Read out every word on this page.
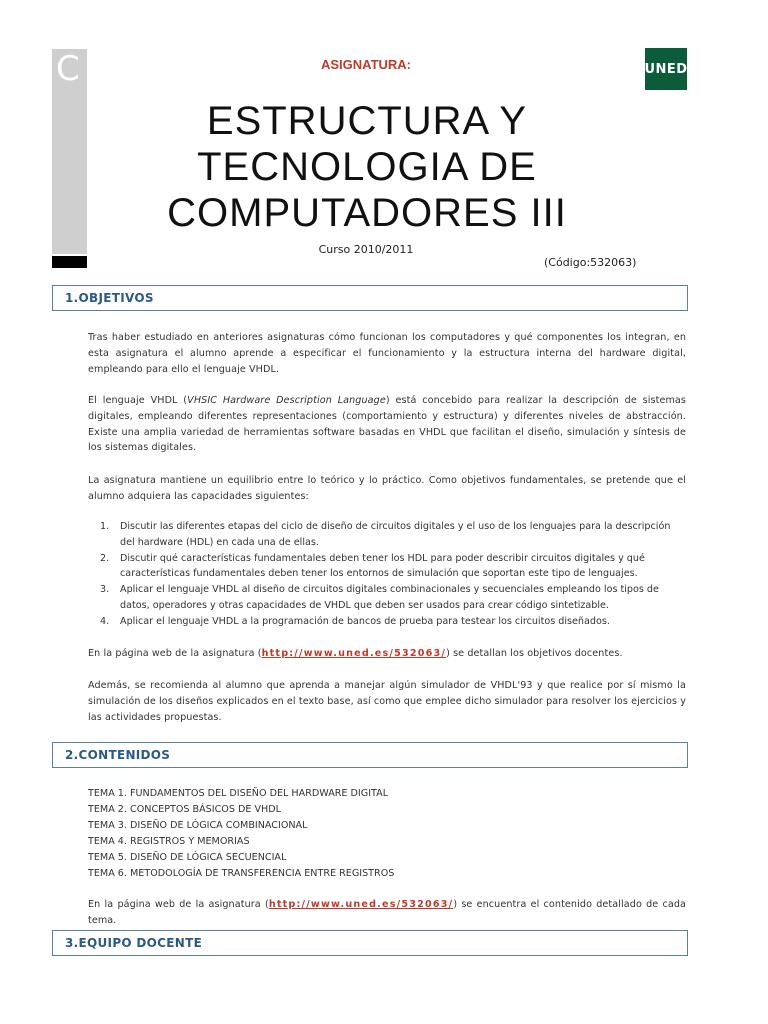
C	UNED
ASIGNATURA:
ESTRUCTURA Y
TECNOLOGIA DE
COMPUTADORES III
Curso 2010/2011
(Código:532063)
1.OBJETIVOS
Tras haber estudiado en anteriores asignaturas cómo funcionan los computadores y qué componentes los integran, en esta asignatura el alumno aprende a especificar el funcionamiento y la estructura interna del hardware digital, empleando para ello el lenguaje VHDL.
El lenguaje VHDL (VHSIC Hardware Description Language) está concebido para realizar la descripción de sistemas digitales, empleando diferentes representaciones (comportamiento y estructura) y diferentes niveles de abstracción. Existe una amplia variedad de herramientas software basadas en VHDL que facilitan el diseño, simulación y síntesis de los sistemas digitales.
La asignatura mantiene un equilibrio entre lo teórico y lo práctico. Como objetivos fundamentales, se pretende que el alumno adquiera las capacidades siguientes:
1. Discutir las diferentes etapas del ciclo de diseño de circuitos digitales y el uso de los lenguajes para la descripción del hardware (HDL) en cada una de ellas.
2. Discutir qué características fundamentales deben tener los HDL para poder describir circuitos digitales y qué características fundamentales deben tener los entornos de simulación que soportan este tipo de lenguajes.
3. Aplicar el lenguaje VHDL al diseño de circuitos digitales combinacionales y secuenciales empleando los tipos de datos, operadores y otras capacidades de VHDL que deben ser usados para crear código sintetizable.
4. Aplicar el lenguaje VHDL a la programación de bancos de prueba para testear los circuitos diseñados.
En la página web de la asignatura (http://www.uned.es/532063/) se detallan los objetivos docentes.
Además, se recomienda al alumno que aprenda a manejar algún simulador de VHDL'93 y que realice por sí mismo la simulación de los diseños explicados en el texto base, así como que emplee dicho simulador para resolver los ejercicios y las actividades propuestas.
2.CONTENIDOS
TEMA 1. FUNDAMENTOS DEL DISEÑO DEL HARDWARE DIGITAL
TEMA 2. CONCEPTOS BÁSICOS DE VHDL
TEMA 3. DISEÑO DE LÓGICA COMBINACIONAL
TEMA 4. REGISTROS Y MEMORIAS
TEMA 5. DISEÑO DE LÓGICA SECUENCIAL
TEMA 6. METODOLOGÍA DE TRANSFERENCIA ENTRE REGISTROS
En la página web de la asignatura (http://www.uned.es/532063/) se encuentra el contenido detallado de cada tema.
3.EQUIPO DOCENTE
